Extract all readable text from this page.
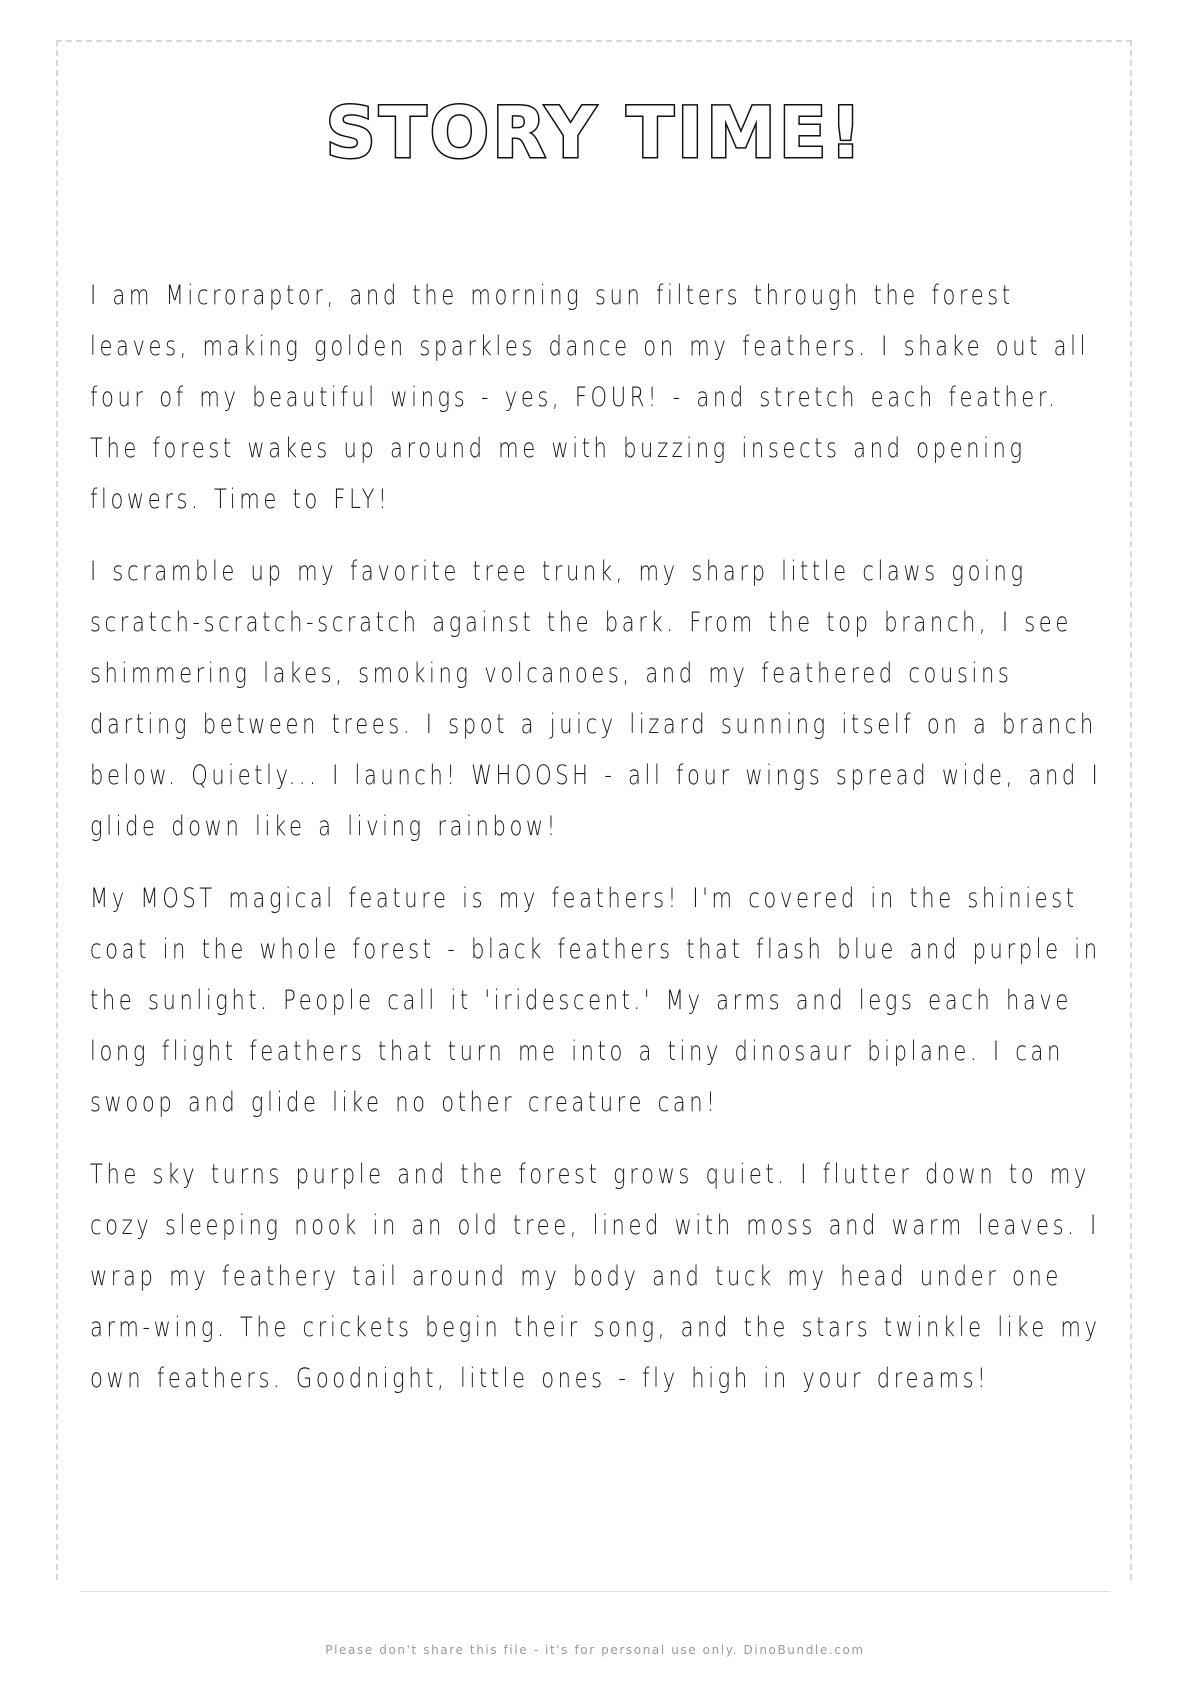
STORY TIME!

I am Microraptor, and the morning sun filters through the forest leaves, making golden sparkles dance on my feathers. I shake out all four of my beautiful wings - yes, FOUR! - and stretch each feather. The forest wakes up around me with buzzing insects and opening flowers. Time to FLY!

I scramble up my favorite tree trunk, my sharp little claws going scratch-scratch-scratch against the bark. From the top branch, I see shimmering lakes, smoking volcanoes, and my feathered cousins darting between trees. I spot a juicy lizard sunning itself on a branch below. Quietly... I launch! WHOOSH - all four wings spread wide, and I glide down like a living rainbow!

My MOST magical feature is my feathers! I'm covered in the shiniest coat in the whole forest - black feathers that flash blue and purple in the sunlight. People call it 'iridescent.' My arms and legs each have long flight feathers that turn me into a tiny dinosaur biplane. I can swoop and glide like no other creature can!

The sky turns purple and the forest grows quiet. I flutter down to my cozy sleeping nook in an old tree, lined with moss and warm leaves. I wrap my feathery tail around my body and tuck my head under one arm-wing. The crickets begin their song, and the stars twinkle like my own feathers. Goodnight, little ones - fly high in your dreams!

Please don't share this file - it's for personal use only. DinoBundle.com
